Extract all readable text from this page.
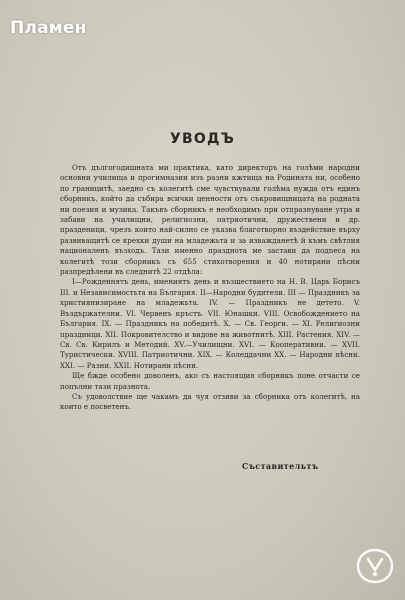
Пламен
УВОДЪ

Отъ дългогодишната ми практика, като директоръ на голѣми народни основни училища и прогимназии изъ разни кжтища на Родината ни, особено по границитѣ, заедно съ колегитѣ сме чувствували голѣма нужда отъ единъ сборникъ, който да събира всички ценности отъ съкровищницата на родната ни поезия и музика. Такъвъ сборникъ е необходимъ при отпразнуване утра и забави на училищни, религиозни, патриотични, дружествени и др. празденици, чрезъ които най-силно се указва благотворно въздействие върху развиващитѣ се крехки души на младежьта и за изважданетѣ й къмъ свѣтлия националенъ възходъ. Тази именно празднота ме застави да подneса на колегитѣ този сборникъ съ 655 стихотворения и 40 нотирани пѣсни разпредѣлени въ следнитѣ 22 отдѣла:

I—Рожденнятъ день, имениятъ день и възшествието на Н. В. Царь Борисъ III. и Независимостьта на България. II—Народни будители. III — Праздникъ за християнизиране на младежьта. IV. — Праздникъ не детето. V. Въздържателни. VI. Червенъ кръстъ. VII. Юнашки. VIII. Освобождението на България. IX. — Праздникъ на победитѣ. X. — Св. Георги. — XI. Религиозни праздници. XII. Покровителство и видове на животнитѣ. XIII. Растения. XIV. — Св. Св. Кирилъ и Методий. XV.—Училищни. XVI. — Кооперативни. — XVII. Туристически. XVIII. Патриотични. XIX. — Коледдачни XX. — Народни пѣсни. XXI. — Разни. XXII. Нотирани пѣсни.

Ще бжде особено доволенъ, ако съ настоящия сборникъ поне отчасти се попълни тази празнота.

Съ удоволствие ще чакамъ да чуя отзиви за сборника отъ колегитѣ, на които е посветенъ.

Съставительтъ
